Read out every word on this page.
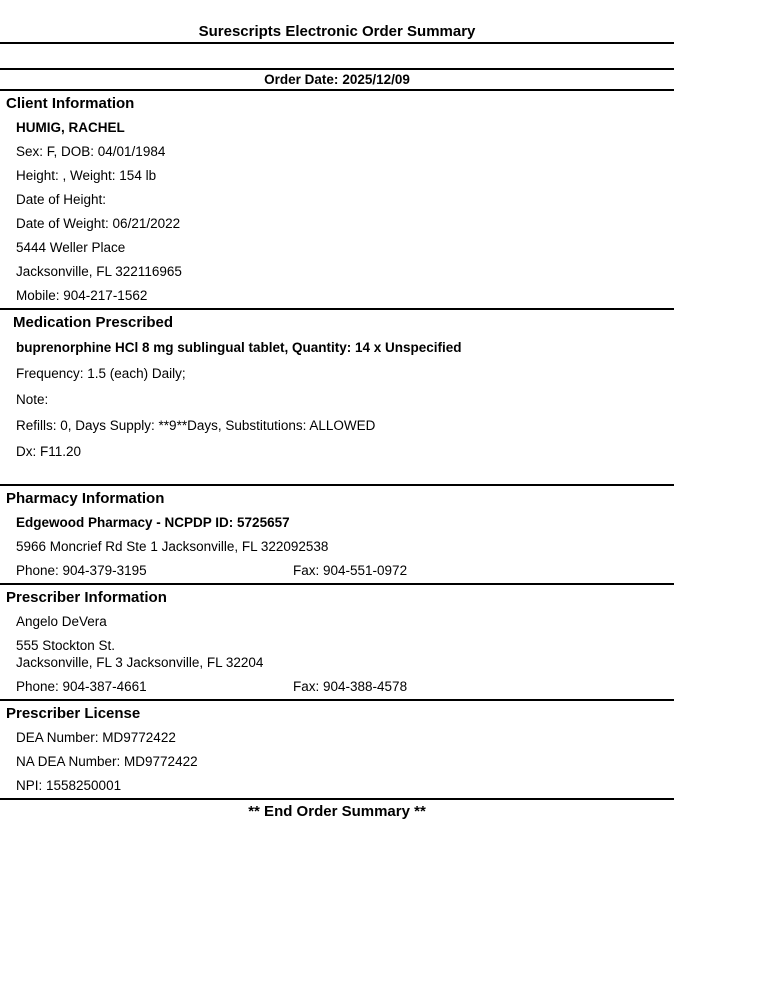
Surescripts Electronic Order Summary
Order Date: 2025/12/09
Client Information
HUMIG, RACHEL
Sex: F, DOB: 04/01/1984
Height: , Weight: 154 lb
Date of Height:
Date of Weight: 06/21/2022
5444 Weller Place
Jacksonville, FL 322116965
Mobile: 904-217-1562
Medication Prescribed
buprenorphine HCl 8 mg sublingual tablet, Quantity: 14 x Unspecified
Frequency: 1.5 (each) Daily;
Note:
Refills: 0, Days Supply: **9**Days, Substitutions: ALLOWED
Dx: F11.20
Pharmacy Information
Edgewood Pharmacy - NCPDP ID: 5725657
5966 Moncrief Rd Ste 1 Jacksonville, FL 322092538
Phone: 904-379-3195	Fax: 904-551-0972
Prescriber Information
Angelo DeVera
555 Stockton St.
Jacksonville, FL 3 Jacksonville, FL 32204
Phone: 904-387-4661	Fax: 904-388-4578
Prescriber License
DEA Number: MD9772422
NA DEA Number: MD9772422
NPI: 1558250001
** End Order Summary **
